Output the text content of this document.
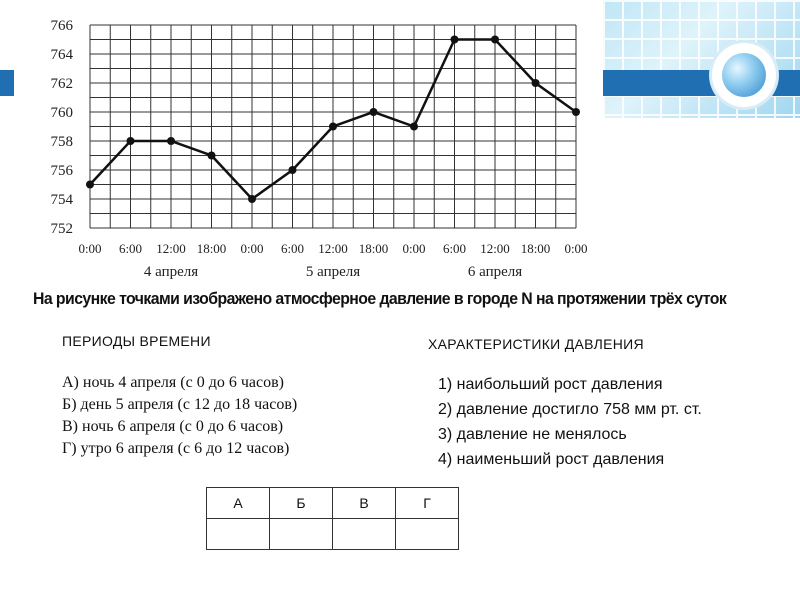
752
754
756
758
760
762
764
766
0:00 6:00 12:00 18:00 0:00 6:00 12:00 18:00 0:00 6:00 12:00 18:00 0:00
4 апреля	5 апреля	6 апреля
На рисунке точками изображено атмосферное давление в городе N на протяжении трёх суток
ПЕРИОДЫ ВРЕМЕНИ
А) ночь 4 апреля (с 0 до 6 часов)
Б) день 5 апреля (с 12 до 18 часов)
В) ночь 6 апреля (с 0 до 6 часов)
Г) утро 6 апреля (с 6 до 12 часов)
ХАРАКТЕРИСТИКИ ДАВЛЕНИЯ
1) наибольший рост давления
2) давление достигло 758 мм рт. ст.
3) давление не менялось
4) наименьший рост давления
А	Б	В	Г
